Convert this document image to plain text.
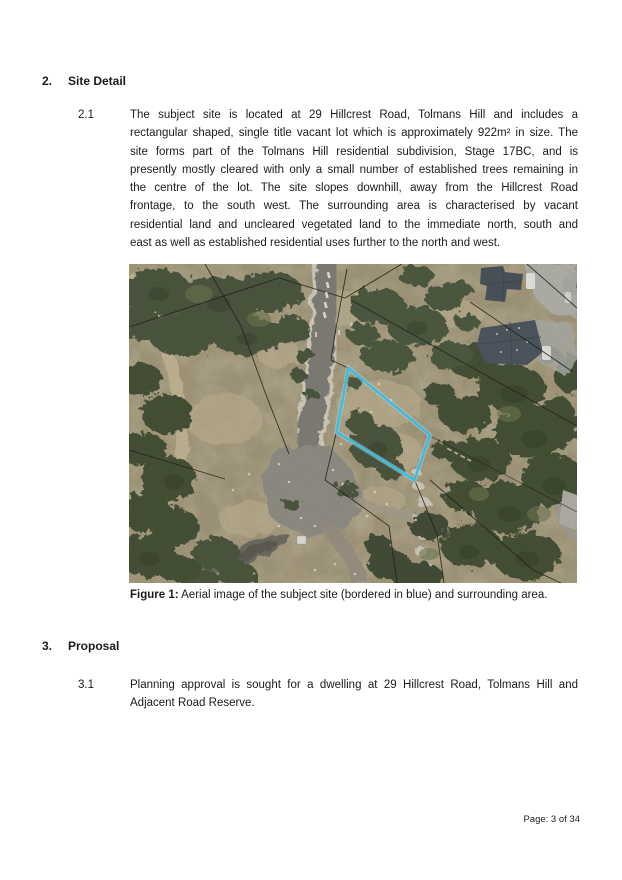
2. Site Detail
2.1	The subject site is located at 29 Hillcrest Road, Tolmans Hill and includes a
rectangular shaped, single title vacant lot which is approximately 922m² in size. The
site forms part of the Tolmans Hill residential subdivision, Stage 17BC, and is
presently mostly cleared with only a small number of established trees remaining in
the centre of the lot. The site slopes downhill, away from the Hillcrest Road
frontage, to the south west. The surrounding area is characterised by vacant
residential land and uncleared vegetated land to the immediate north, south and
east as well as established residential uses further to the north and west.
Figure 1: Aerial image of the subject site (bordered in blue) and surrounding area.
3. Proposal
3.1	Planning approval is sought for a dwelling at 29 Hillcrest Road, Tolmans Hill and
Adjacent Road Reserve.
Page: 3 of 34
